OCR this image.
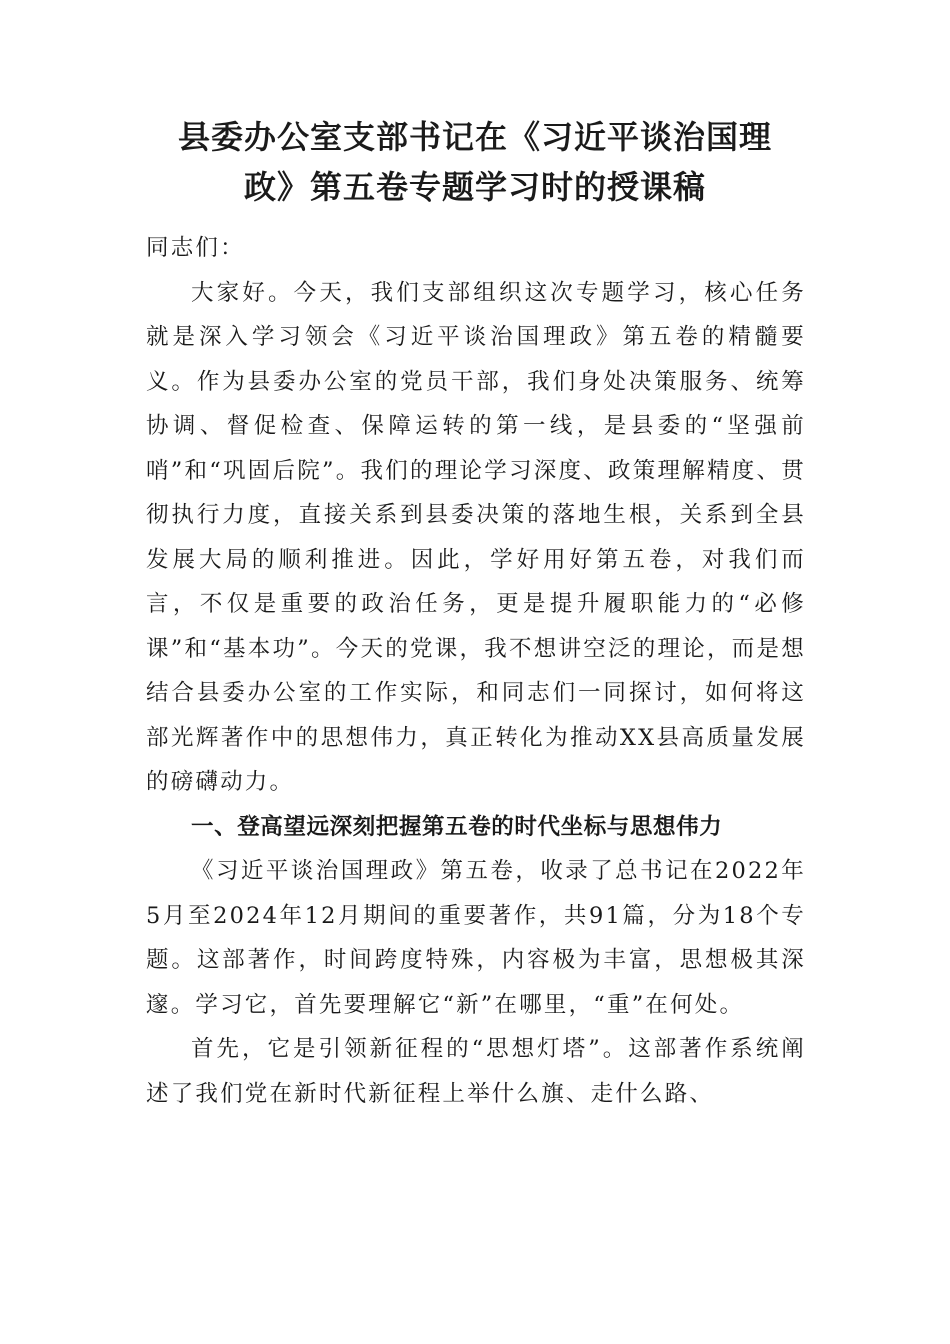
县委办公室支部书记在《习近平谈治国理
政》第五卷专题学习时的授课稿

同志们：

大家好。今天，我们支部组织这次专题学习，核心任务就是深入学习领会《习近平谈治国理政》第五卷的精髓要义。作为县委办公室的党员干部，我们身处决策服务、统筹协调、督促检查、保障运转的第一线，是县委的“坚强前哨”和“巩固后院”。我们的理论学习深度、政策理解精度、贯彻执行力度，直接关系到县委决策的落地生根，关系到全县发展大局的顺利推进。因此，学好用好第五卷，对我们而言，不仅是重要的政治任务，更是提升履职能力的“必修课”和“基本功”。今天的党课，我不想讲空泛的理论，而是想结合县委办公室的工作实际，和同志们一同探讨，如何将这部光辉著作中的思想伟力，真正转化为推动XX县高质量发展的磅礴动力。

一、登高望远深刻把握第五卷的时代坐标与思想伟力

《习近平谈治国理政》第五卷，收录了总书记在2022年5月至2024年12月期间的重要著作，共91篇，分为18个专题。这部著作，时间跨度特殊，内容极为丰富，思想极其深邃。学习它，首先要理解它“新”在哪里，“重”在何处。

首先，它是引领新征程的“思想灯塔”。这部著作系统阐述了我们党在新时代新征程上举什么旗、走什么路、
